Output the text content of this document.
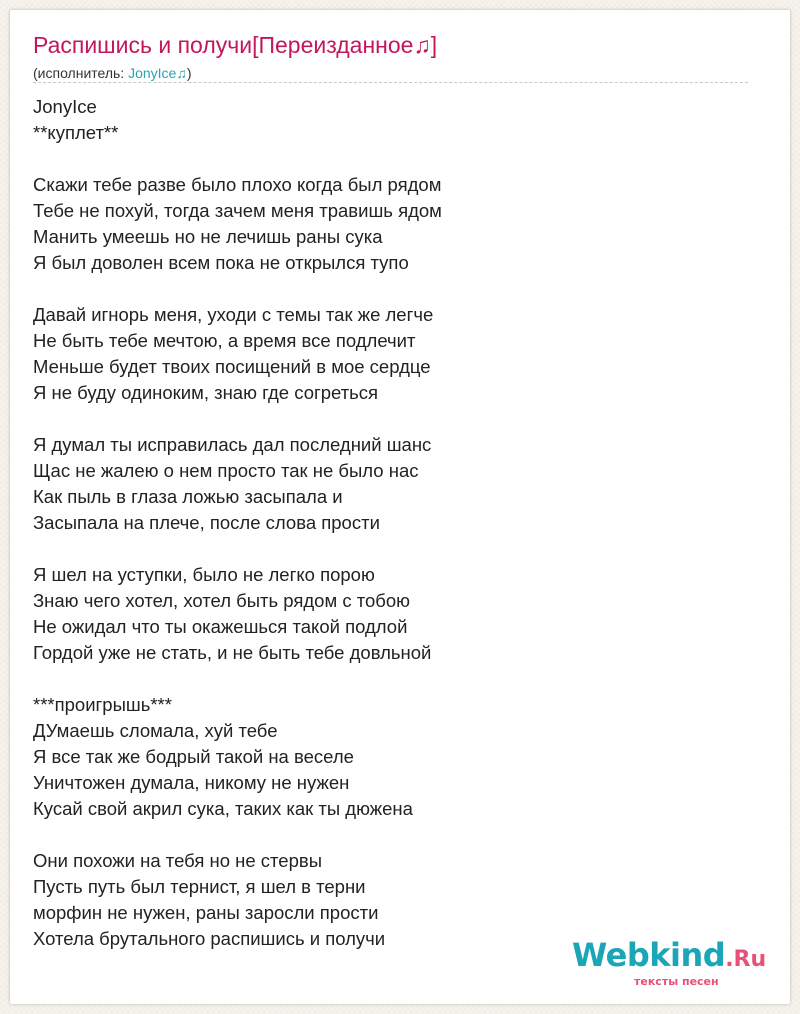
Распишись и получи[Переизданное♫]
(исполнитель: JonyIce♫)
JonyIce
**куплет**
Скажи тебе разве было плохо когда был рядом
Тебе не похуй, тогда зачем меня травишь ядом
Манить умеешь но не лечишь раны сука
Я был доволен всем пока не открылся тупо
Давай игнорь меня, уходи с темы так же легче
Не быть тебе мечтою, а время все подлечит
Меньше будет твоих посищений в мое сердце
Я не буду одиноким, знаю где согреться
Я думал ты исправилась дал последний шанс
Щас не жалею о нем просто так не было нас
Как пыль в глаза ложью засыпала и
Засыпала на плече, после слова прости
Я шел на уступки, было не легко порою
Знаю чего хотел, хотел быть рядом с тобою
Не ожидал что ты окажешься такой подлой
Гордой уже не стать, и не быть тебе довльной
***проигрышь***
ДУмаешь сломала, хуй тебе
Я все так же бодрый такой на веселе
Уничтожен думала, никому не нужен
Кусай свой акрил сука, таких как ты дюжена
Они похожи на тебя но не стервы
Пусть путь был тернист, я шел в терни
морфин не нужен, раны заросли прости
Хотела брутального распишись и получи	Webkind.Ru
тексты песен
